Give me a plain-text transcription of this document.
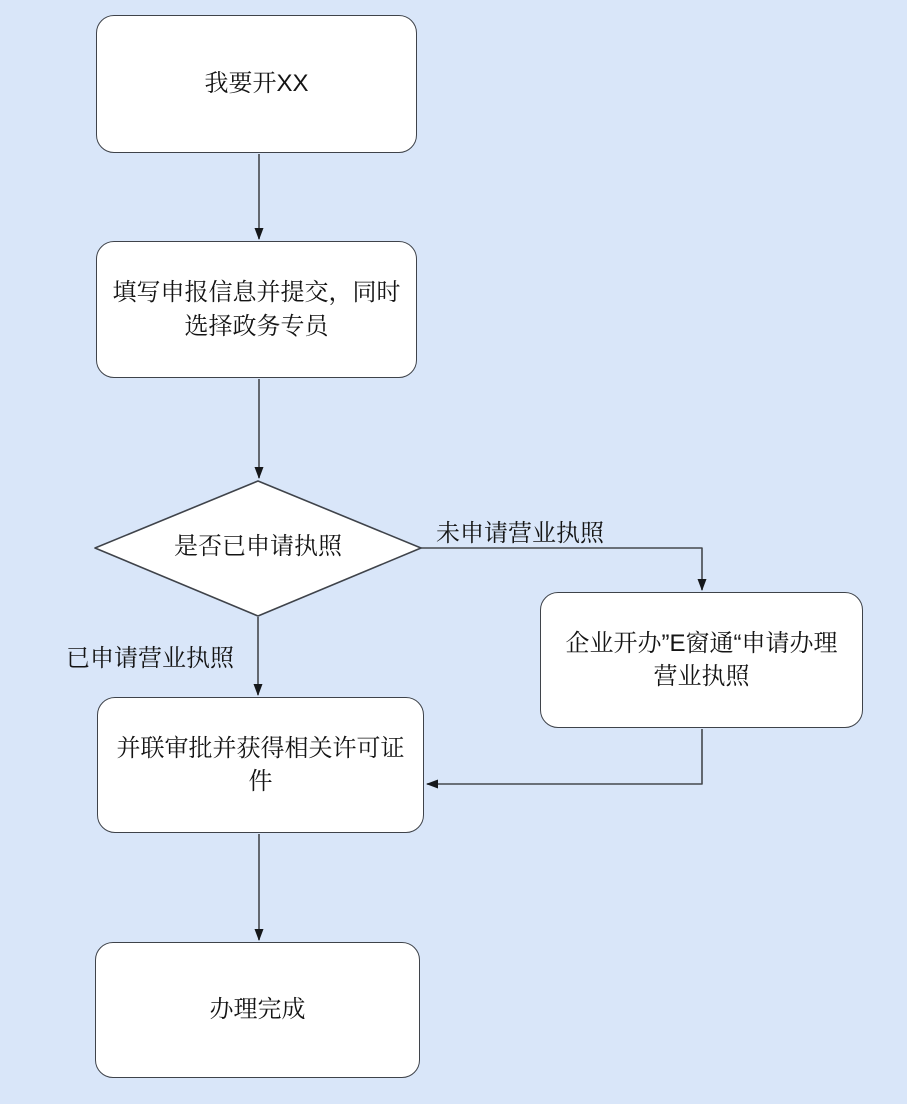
我要开XX
填写申报信息并提交，同时
选择政务专员
是否已申请执照	未申请营业执照
已申请营业执照
企业开办”E窗通“申请办理
营业执照
并联审批并获得相关许可证
件
办理完成
